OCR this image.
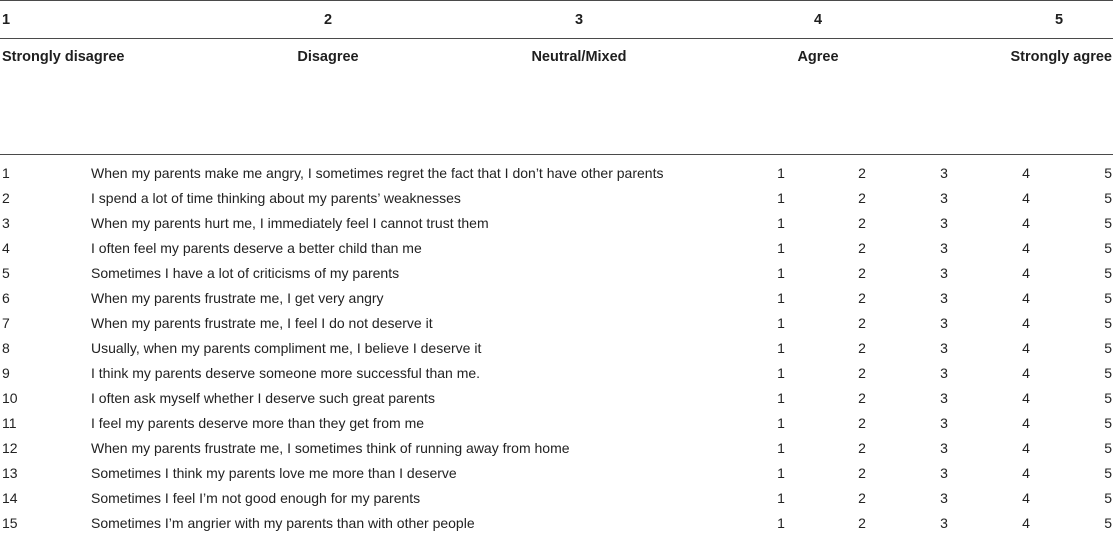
1	2	3	4	5
Strongly disagree	Disagree	Neutral/Mixed	Agree	Strongly agree
1	When my parents make me angry, I sometimes regret the fact that I don’t have other parents	1	2	3	4	5
2	I spend a lot of time thinking about my parents’ weaknesses	1	2	3	4	5
3	When my parents hurt me, I immediately feel I cannot trust them	1	2	3	4	5
4	I often feel my parents deserve a better child than me	1	2	3	4	5
5	Sometimes I have a lot of criticisms of my parents	1	2	3	4	5
6	When my parents frustrate me, I get very angry	1	2	3	4	5
7	When my parents frustrate me, I feel I do not deserve it	1	2	3	4	5
8	Usually, when my parents compliment me, I believe I deserve it	1	2	3	4	5
9	I think my parents deserve someone more successful than me.	1	2	3	4	5
10	I often ask myself whether I deserve such great parents	1	2	3	4	5
11	I feel my parents deserve more than they get from me	1	2	3	4	5
12	When my parents frustrate me, I sometimes think of running away from home	1	2	3	4	5
13	Sometimes I think my parents love me more than I deserve	1	2	3	4	5
14	Sometimes I feel I’m not good enough for my parents	1	2	3	4	5
15	Sometimes I’m angrier with my parents than with other people	1	2	3	4	5
